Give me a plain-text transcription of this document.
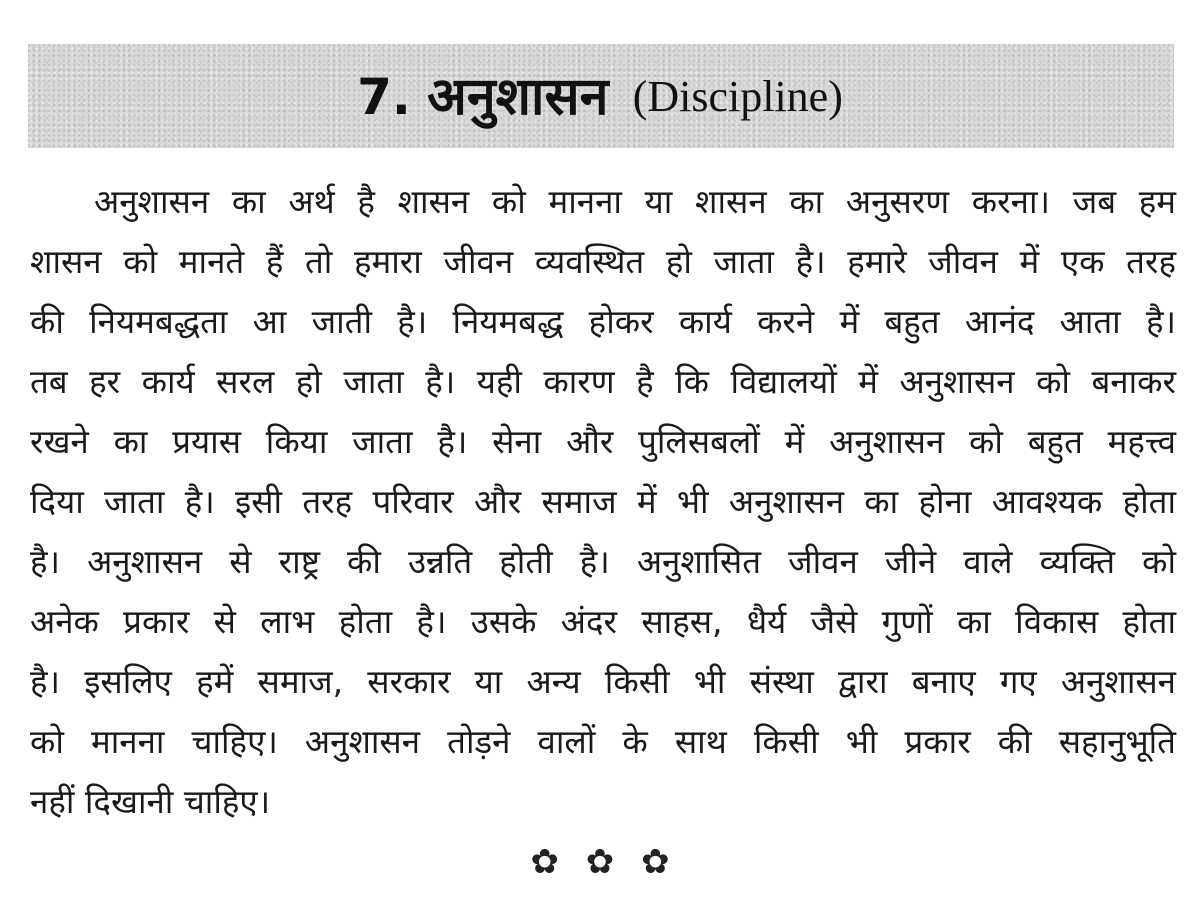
7. अनुशासन (Discipline)
अनुशासन का अर्थ है शासन को मानना या शासन का अनुसरण करना। जब हम
शासन को मानते हैं तो हमारा जीवन व्यवस्थित हो जाता है। हमारे जीवन में एक तरह
की नियमबद्धता आ जाती है। नियमबद्ध होकर कार्य करने में बहुत आनंद आता है।
तब हर कार्य सरल हो जाता है। यही कारण है कि विद्यालयों में अनुशासन को बनाकर
रखने का प्रयास किया जाता है। सेना और पुलिसबलों में अनुशासन को बहुत महत्त्व
दिया जाता है। इसी तरह परिवार और समाज में भी अनुशासन का होना आवश्यक होता
है। अनुशासन से राष्ट्र की उन्नति होती है। अनुशासित जीवन जीने वाले व्यक्ति को
अनेक प्रकार से लाभ होता है। उसके अंदर साहस, धैर्य जैसे गुणों का विकास होता
है। इसलिए हमें समाज, सरकार या अन्य किसी भी संस्था द्वारा बनाए गए अनुशासन
को मानना चाहिए। अनुशासन तोड़ने वालों के साथ किसी भी प्रकार की सहानुभूति
नहीं दिखानी चाहिए।
✿ ✿ ✿
